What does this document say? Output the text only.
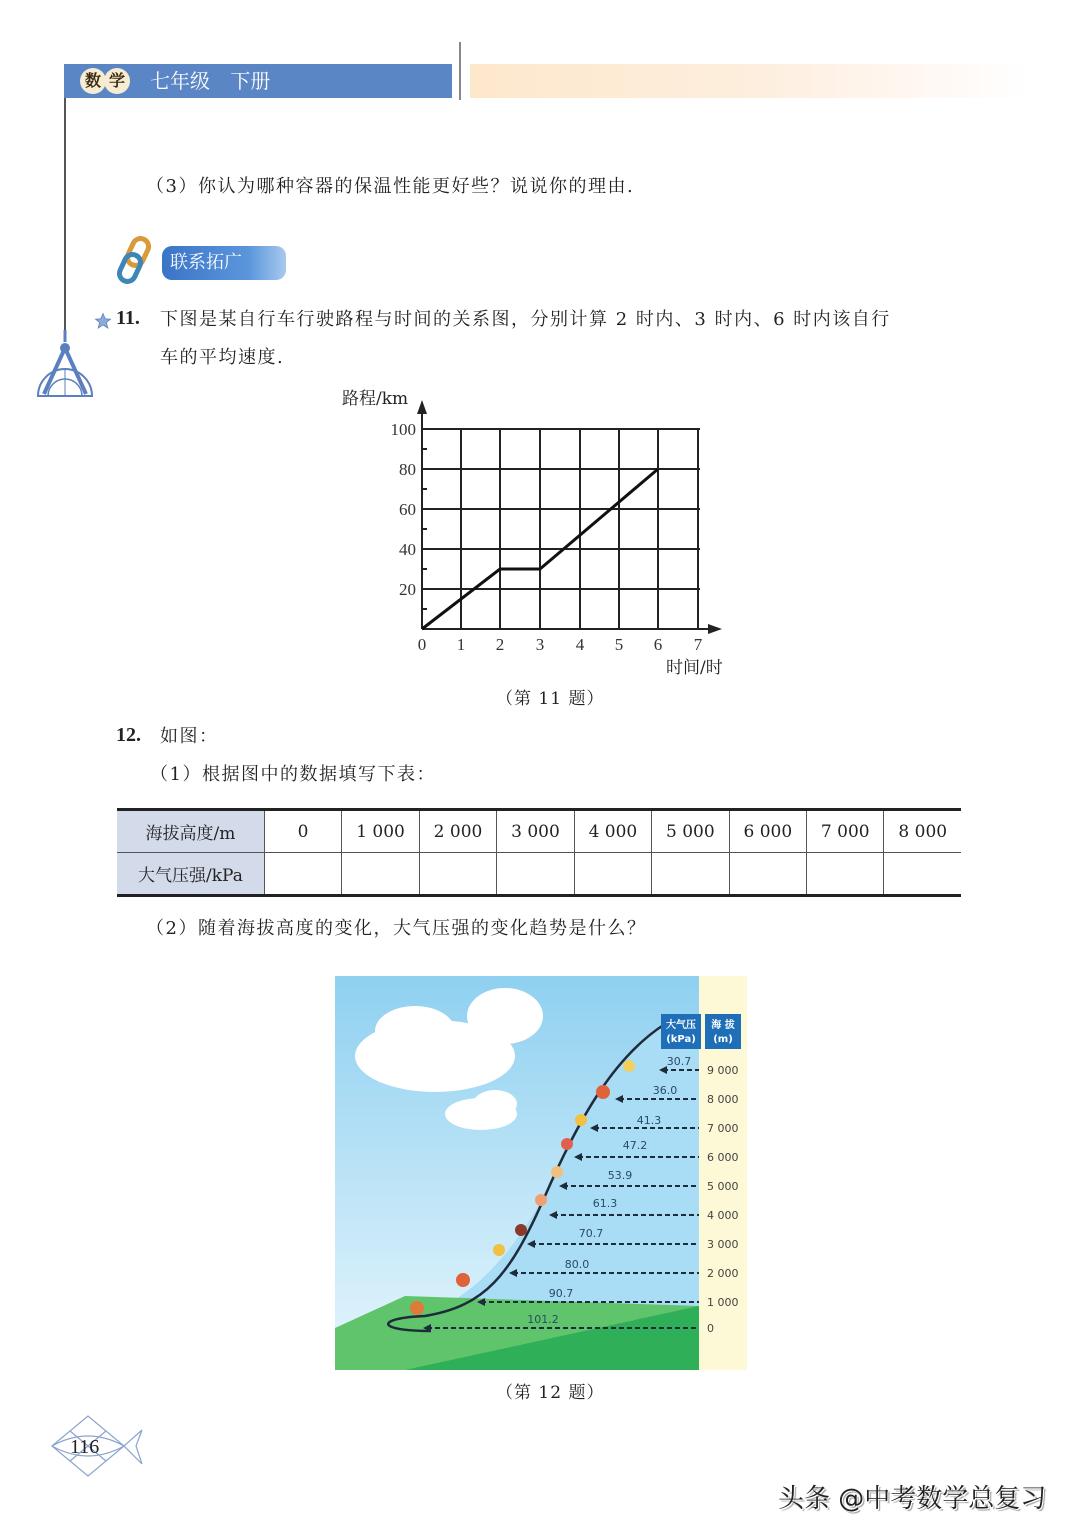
数 学 七年级 下册
（3）你认为哪种容器的保温性能更好些？说说你的理由.
联系拓广
11. 下图是某自行车行驶路程与时间的关系图，分别计算 2 时内、3 时内、6 时内该自行
车的平均速度.
100
80
60
40
20
0 1 2 3 4 5 6 7
路程/km
时间/时
（第 11 题）
12. 如图：
（1）根据图中的数据填写下表：
海拔高度/m	0	1 000	2 000	3 000	4 000	5 000	6 000	7 000	8 000
大气压强/kPa									
（2）随着海拔高度的变化，大气压强的变化趋势是什么？
大气压
(kPa)
海 拔
(m)
101.2
90.7
80.0
70.7
61.3
53.9
47.2
41.3
36.0
30.7
0
1 000
2 000
3 000
4 000
5 000
6 000
7 000
8 000
9 000
（第 12 题）
116
头条 @中考数学总复习
